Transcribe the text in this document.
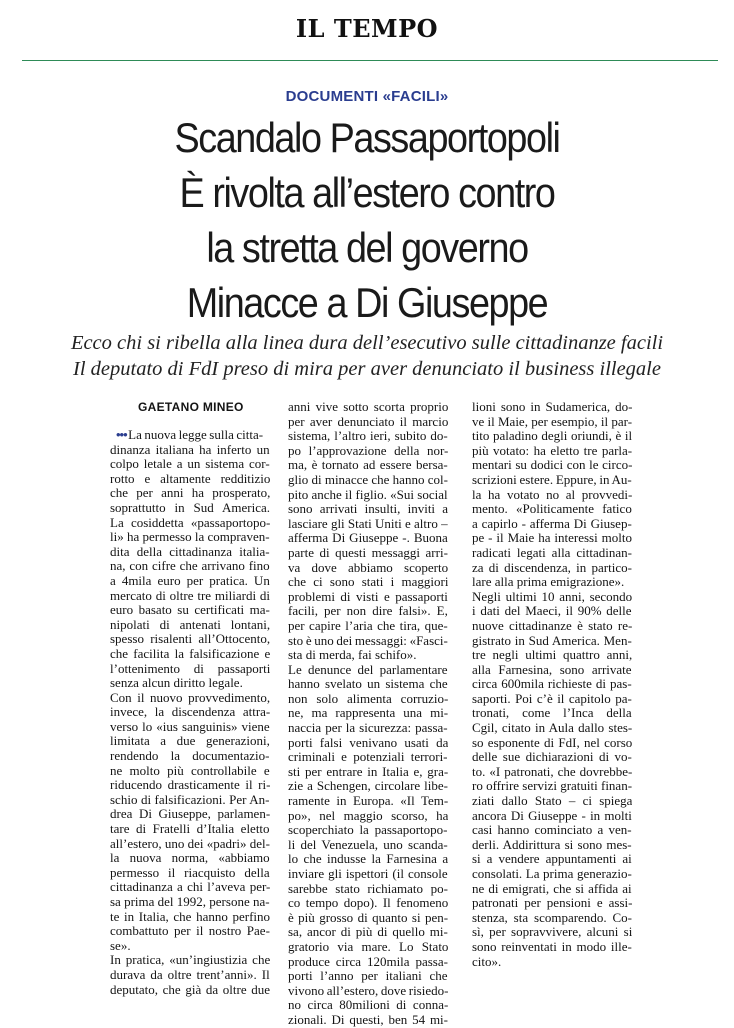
IL TEMPO
DOCUMENTI «FACILI»
Scandalo Passaportopoli
È rivolta all’estero contro
la stretta del governo
Minacce a Di Giuseppe
Ecco chi si ribella alla linea dura dell’esecutivo sulle cittadinanze facili
Il deputato di FdI preso di mira per aver denunciato il business illegale
GAETANO MINEO
••• La nuova legge sulla citta-
dinanza italiana ha inferto un
colpo letale a un sistema cor-
rotto e altamente redditizio
che per anni ha prosperato,
soprattutto in Sud America.
La cosiddetta «passaportopo-
li» ha permesso la compraven-
dita della cittadinanza italia-
na, con cifre che arrivano fino
a 4mila euro per pratica. Un
mercato di oltre tre miliardi di
euro basato su certificati ma-
nipolati di antenati lontani,
spesso risalenti all’Ottocento,
che facilita la falsificazione e
l’ottenimento di passaporti
senza alcun diritto legale.
Con il nuovo provvedimento,
invece, la discendenza attra-
verso lo «ius sanguinis» viene
limitata a due generazioni,
rendendo la documentazio-
ne molto più controllabile e
riducendo drasticamente il ri-
schio di falsificazioni. Per An-
drea Di Giuseppe, parlamen-
tare di Fratelli d’Italia eletto
all’estero, uno dei «padri» del-
la nuova norma, «abbiamo
permesso il riacquisto della
cittadinanza a chi l’aveva per-
sa prima del 1992, persone na-
te in Italia, che hanno perfino
combattuto per il nostro Pae-
se».
In pratica, «un’ingiustizia che
durava da oltre trent’anni». Il
deputato, che già da oltre due
anni vive sotto scorta proprio
per aver denunciato il marcio
sistema, l’altro ieri, subito do-
po l’approvazione della nor-
ma, è tornato ad essere bersa-
glio di minacce che hanno col-
pito anche il figlio. «Sui social
sono arrivati insulti, inviti a
lasciare gli Stati Uniti e altro –
afferma Di Giuseppe -. Buona
parte di questi messaggi arri-
va dove abbiamo scoperto
che ci sono stati i maggiori
problemi di visti e passaporti
facili, per non dire falsi». E,
per capire l’aria che tira, que-
sto è uno dei messaggi: «Fasci-
sta di merda, fai schifo».
Le denunce del parlamentare
hanno svelato un sistema che
non solo alimenta corruzio-
ne, ma rappresenta una mi-
naccia per la sicurezza: passa-
porti falsi venivano usati da
criminali e potenziali terrori-
sti per entrare in Italia e, gra-
zie a Schengen, circolare libe-
ramente in Europa. «Il Tem-
po», nel maggio scorso, ha
scoperchiato la passaportopo-
li del Venezuela, uno scanda-
lo che indusse la Farnesina a
inviare gli ispettori (il console
sarebbe stato richiamato po-
co tempo dopo). Il fenomeno
è più grosso di quanto si pen-
sa, ancor di più di quello mi-
gratorio via mare. Lo Stato
produce circa 120mila passa-
porti l’anno per italiani che
vivono all’estero, dove risiedo-
no circa 80milioni di conna-
zionali. Di questi, ben 54 mi-
lioni sono in Sudamerica, do-
ve il Maie, per esempio, il par-
tito paladino degli oriundi, è il
più votato: ha eletto tre parla-
mentari su dodici con le circo-
scrizioni estere. Eppure, in Au-
la ha votato no al provvedi-
mento. «Politicamente fatico
a capirlo - afferma Di Giusep-
pe - il Maie ha interessi molto
radicati legati alla cittadinan-
za di discendenza, in partico-
lare alla prima emigrazione».
Negli ultimi 10 anni, secondo
i dati del Maeci, il 90% delle
nuove cittadinanze è stato re-
gistrato in Sud America. Men-
tre negli ultimi quattro anni,
alla Farnesina, sono arrivate
circa 600mila richieste di pas-
saporti. Poi c’è il capitolo pa-
tronati, come l’Inca della
Cgil, citato in Aula dallo stes-
so esponente di FdI, nel corso
delle sue dichiarazioni di vo-
to. «I patronati, che dovrebbe-
ro offrire servizi gratuiti finan-
ziati dallo Stato – ci spiega
ancora Di Giuseppe - in molti
casi hanno cominciato a ven-
derli. Addirittura si sono mes-
si a vendere appuntamenti ai
consolati. La prima generazio-
ne di emigrati, che si affida ai
patronati per pensioni e assi-
stenza, sta scomparendo. Co-
sì, per sopravvivere, alcuni si
sono reinventati in modo ille-
cito».
